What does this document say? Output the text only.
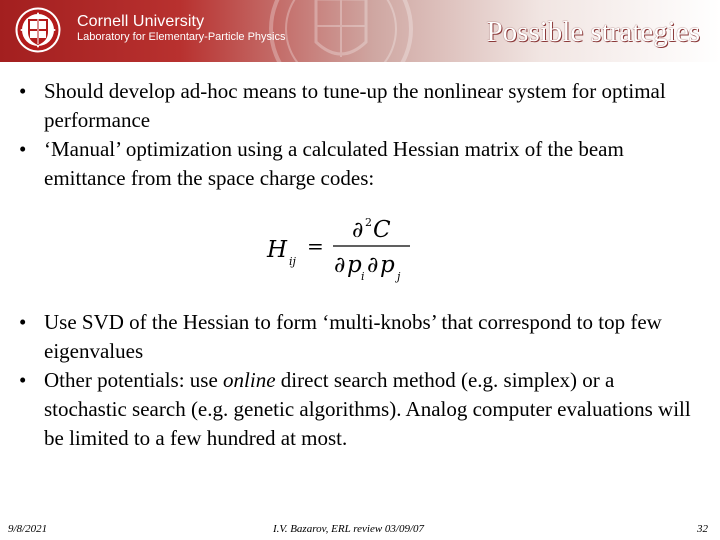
Cornell University
Laboratory for Elementary-Particle Physics	Possible strategies
• Should develop ad-hoc means to tune-up the nonlinear system for optimal performance
• ‘Manual’ optimization using a calculated Hessian matrix of the beam emittance from the space charge codes:
• Use SVD of the Hessian to form ‘multi-knobs’ that correspond to top few eigenvalues
• Other potentials: use online direct search method (e.g. simplex) or a stochastic search (e.g. genetic algorithms). Analog computer evaluations will be limited to a few hundred at most.
H ij
=
∂ 2 C
∂ p i ∂ p j
9/8/2021	I.V. Bazarov, ERL review 03/09/07	32
